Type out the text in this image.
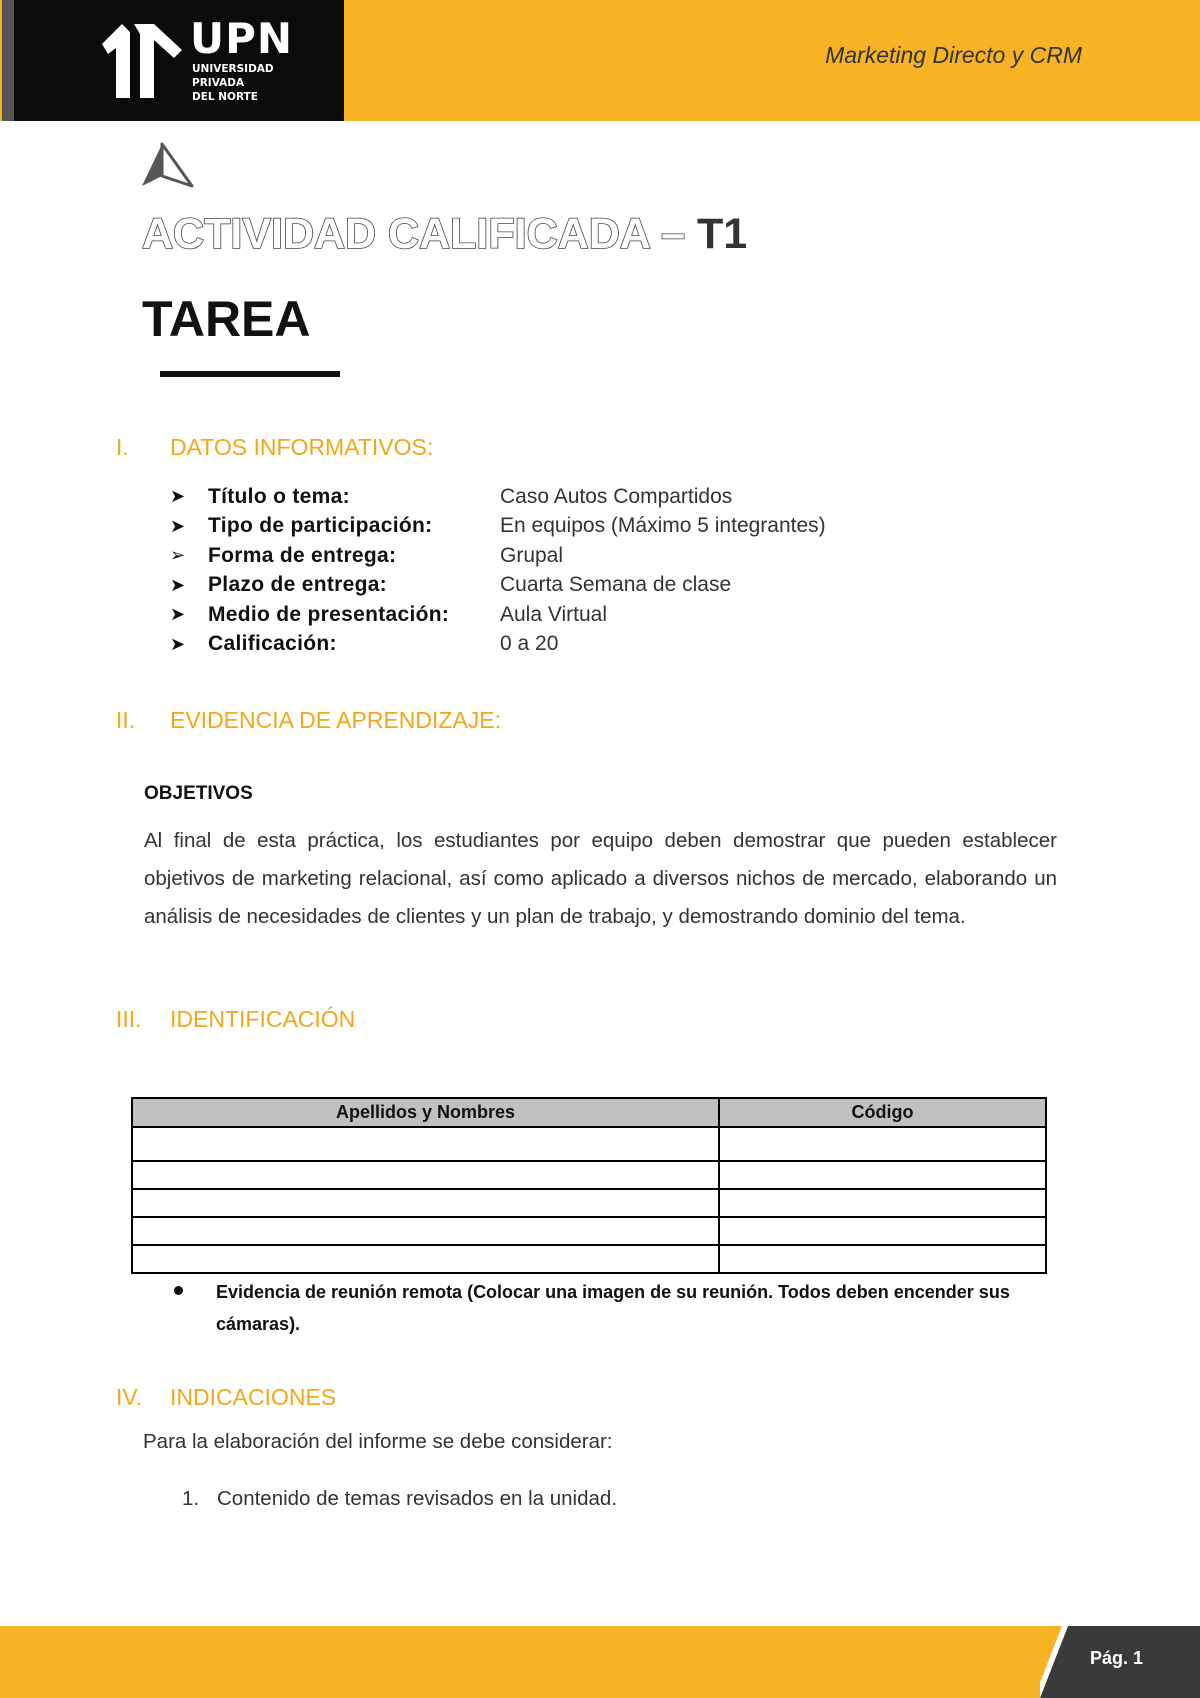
UPN
UNIVERSIDAD
PRIVADA
DEL NORTE
Marketing Directo y CRM
ACTIVIDAD CALIFICADA – T1
TAREA
I. DATOS INFORMATIVOS:
➤	Título o tema:	Caso Autos Compartidos
➤	Tipo de participación:	En equipos (Máximo 5 integrantes)
➢	Forma de entrega:	Grupal
➤	Plazo de entrega:	Cuarta Semana de clase
➤	Medio de presentación:	Aula Virtual
➤	Calificación:	0 a 20
II. EVIDENCIA DE APRENDIZAJE:
OBJETIVOS

Al final de esta práctica, los estudiantes por equipo deben demostrar que pueden establecer objetivos de marketing relacional, así como aplicado a diversos nichos de mercado, elaborando un análisis de necesidades de clientes y un plan de trabajo, y demostrando dominio del tema.

III. IDENTIFICACIÓN
Apellidos y Nombres	Código

Evidencia de reunión remota (Colocar una imagen de su reunión. Todos deben encender sus cámaras).
IV. INDICACIONES
Para la elaboración del informe se debe considerar:
1. Contenido de temas revisados en la unidad.
Pág. 1
